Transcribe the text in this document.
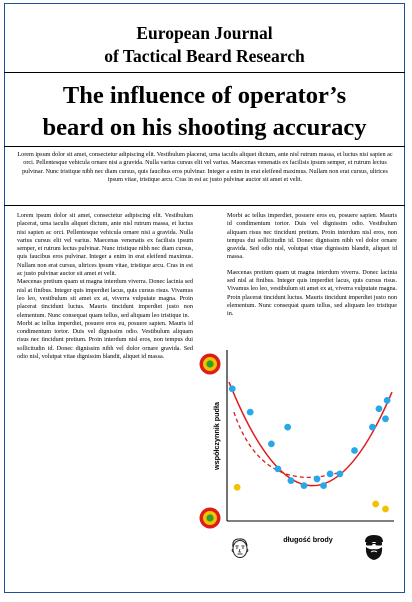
European Journal
of Tactical Beard Research
The influence of operator’s
beard on his shooting accuracy
Lorem ipsum dolor sit amet, consectetur adipiscing elit. Vestibulum placerat, urna iaculis aliquet dictum, ante nisl rutrum massa, et luctus nisi sapien ac orci. Pellentesque vehicula ornare nisi a gravida. Nulla varius cursus elit vel varius. Maecenas venenatis ex facilisis ipsum semper, et rutrum lectus pulvinar. Nunc tristique nibh nec diam cursus, quis faucibus eros pulvinar. Integer a enim in erat eleifend maximus. Nullam non erat cursus, ultrices ipsum vitae, tristique arcu. Cras in est ac justo pulvinar auctor sit amet et velit.

Lorem ipsum dolor sit amet, consectetur adipiscing elit. Vestibulum placerat, urna iaculis aliquet dictum, ante nisl rutrum massa, et luctus nisi sapien ac orci. Pellentesque vehicula ornare nisi a gravida. Nulla varius cursus elit vel varius. Maecenas venenatis ex facilisis ipsum semper, et rutrum lectus pulvinar. Nunc tristique nibh nec diam cursus, quis faucibus eros pulvinar. Integer a enim in erat eleifend maximus. Nullam non erat cursus, ultrices ipsum vitae, tristique arcu. Cras in est ac justo pulvinar auctor sit amet et velit.

Maecenas pretium quam ut magna interdum viverra. Donec lacinia sed nisl at finibus. Integer quis imperdiet lacus, quis cursus risus. Vivamus leo leo, vestibulum sit amet ex at, viverra vulputate magna. Proin placerat tincidunt luctus. Mauris tincidunt imperdiet justo non elementum. Nunc consequat quam tellus, sed aliquam leo tristique in.

Morbi ac tellus imperdiet, posuere eros eu, posuere sapien. Mauris id condimentum tortor. Duis vel dignissim odio. Vestibulum aliquam risus nec tincidunt pretium. Proin interdum nisl eros, non tempus dui sollicitudin id. Donec dignissim nibh vel dolor ornare gravida. Sed odio nisl, volutpat vitae dignissim blandit, aliquet id massa.

Morbi ac tellus imperdiet, posuere eros eu, posuere sapien. Mauris id condimentum tortor. Duis vel dignissim odio. Vestibulum aliquam risus nec tincidunt pretium. Proin interdum nisl eros, non tempus dui sollicitudin id. Donec dignissim nibh vel dolor ornare gravida. Sed odio nisl, volutpat vitae dignissim blandit, aliquet id massa.

Maecenas pretium quam ut magna interdum viverra. Donec lacinia sed nisl at finibus. Integer quis imperdiet lacus, quis cursus risus. Vivamus leo leo, vestibulum sit amet ex at, viverra vulputate magna. Proin placerat tincidunt luctus. Mauris tincidunt imperdiet justo non elementum. Nunc consequat quam tellus, sed aliquam leo tristique in.

współczynnik pudła
długość brody
